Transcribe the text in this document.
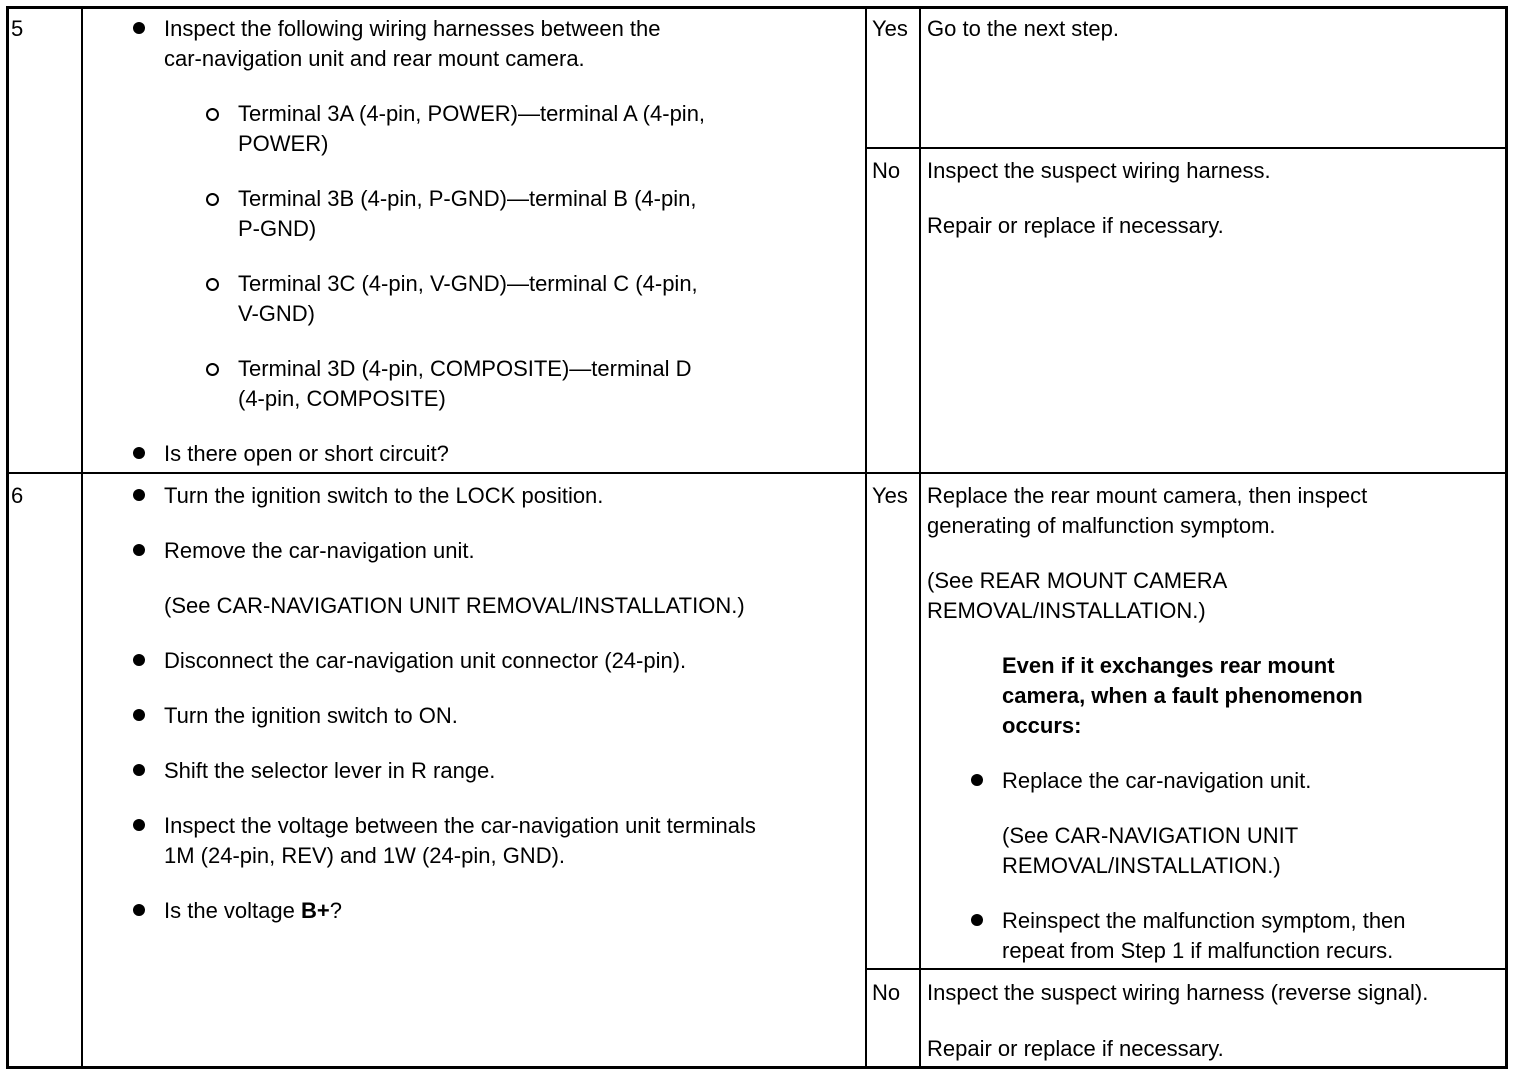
5	Inspect the following wiring harnesses between the
car-navigation unit and rear mount camera.
Terminal 3A (4-pin, POWER)—terminal A (4-pin,
POWER)
Terminal 3B (4-pin, P-GND)—terminal B (4-pin,
P-GND)
Terminal 3C (4-pin, V-GND)—terminal C (4-pin,
V-GND)
Terminal 3D (4-pin, COMPOSITE)—terminal D
(4-pin, COMPOSITE)
Is there open or short circuit?
Yes Go to the next step.
No Inspect the suspect wiring harness.
Repair or replace if necessary.
6	Turn the ignition switch to the LOCK position.
Remove the car-navigation unit.
(See CAR-NAVIGATION UNIT REMOVAL/INSTALLATION.)
Disconnect the car-navigation unit connector (24-pin).
Turn the ignition switch to ON.
Shift the selector lever in R range.
Inspect the voltage between the car-navigation unit terminals
1M (24-pin, REV) and 1W (24-pin, GND).
Is the voltage B+?
Yes Replace the rear mount camera, then inspect
generating of malfunction symptom.
(See REAR MOUNT CAMERA
REMOVAL/INSTALLATION.)
Even if it exchanges rear mount
camera, when a fault phenomenon
occurs:
Replace the car-navigation unit.
(See CAR-NAVIGATION UNIT
REMOVAL/INSTALLATION.)
Reinspect the malfunction symptom, then
repeat from Step 1 if malfunction recurs.
No Inspect the suspect wiring harness (reverse signal).
Repair or replace if necessary.
